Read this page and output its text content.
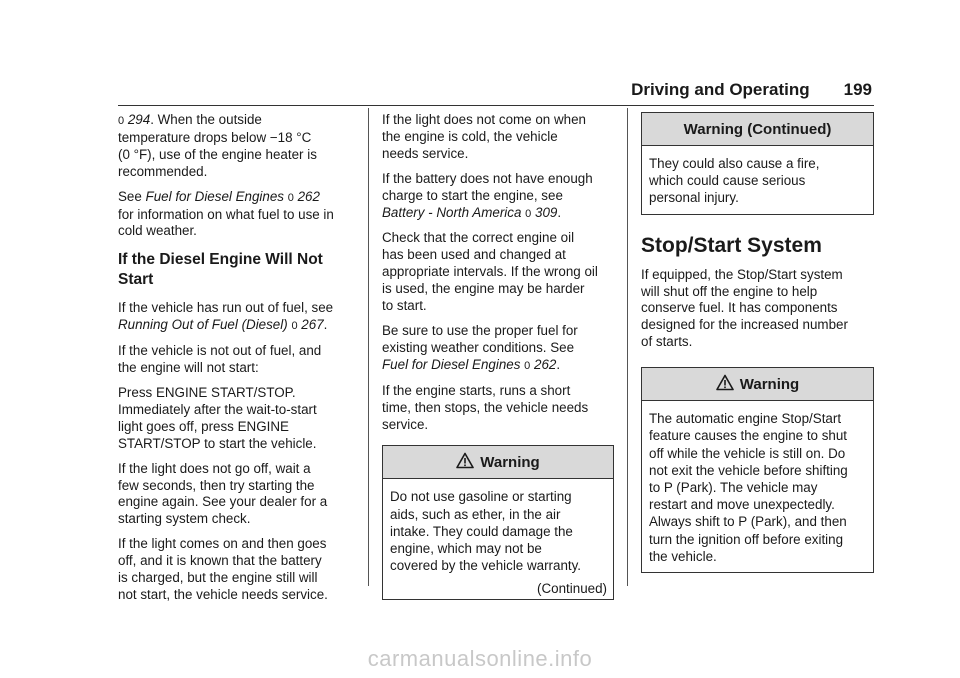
Driving and Operating 199
0 294. When the outside
temperature drops below −18 °C
(0 °F), use of the engine heater is
recommended.
See Fuel for Diesel Engines 0 262
for information on what fuel to use in
cold weather.
If the Diesel Engine Will Not
Start
If the vehicle has run out of fuel, see
Running Out of Fuel (Diesel) 0 267.
If the vehicle is not out of fuel, and
the engine will not start:
Press ENGINE START/STOP.
Immediately after the wait-to-start
light goes off, press ENGINE
START/STOP to start the vehicle.
If the light does not go off, wait a
few seconds, then try starting the
engine again. See your dealer for a
starting system check.
If the light comes on and then goes
off, and it is known that the battery
is charged, but the engine still will
not start, the vehicle needs service.
If the light does not come on when
the engine is cold, the vehicle
needs service.
If the battery does not have enough
charge to start the engine, see
Battery - North America 0 309.
Check that the correct engine oil
has been used and changed at
appropriate intervals. If the wrong oil
is used, the engine may be harder
to start.
Be sure to use the proper fuel for
existing weather conditions. See
Fuel for Diesel Engines 0 262.
If the engine starts, runs a short
time, then stops, the vehicle needs
service.
Warning
Do not use gasoline or starting
aids, such as ether, in the air
intake. They could damage the
engine, which may not be
covered by the vehicle warranty.
(Continued)
Warning (Continued)
They could also cause a fire,
which could cause serious
personal injury.
Stop/Start System
If equipped, the Stop/Start system
will shut off the engine to help
conserve fuel. It has components
designed for the increased number
of starts.
Warning
The automatic engine Stop/Start
feature causes the engine to shut
off while the vehicle is still on. Do
not exit the vehicle before shifting
to P (Park). The vehicle may
restart and move unexpectedly.
Always shift to P (Park), and then
turn the ignition off before exiting
the vehicle.
carmanualsonline.info
